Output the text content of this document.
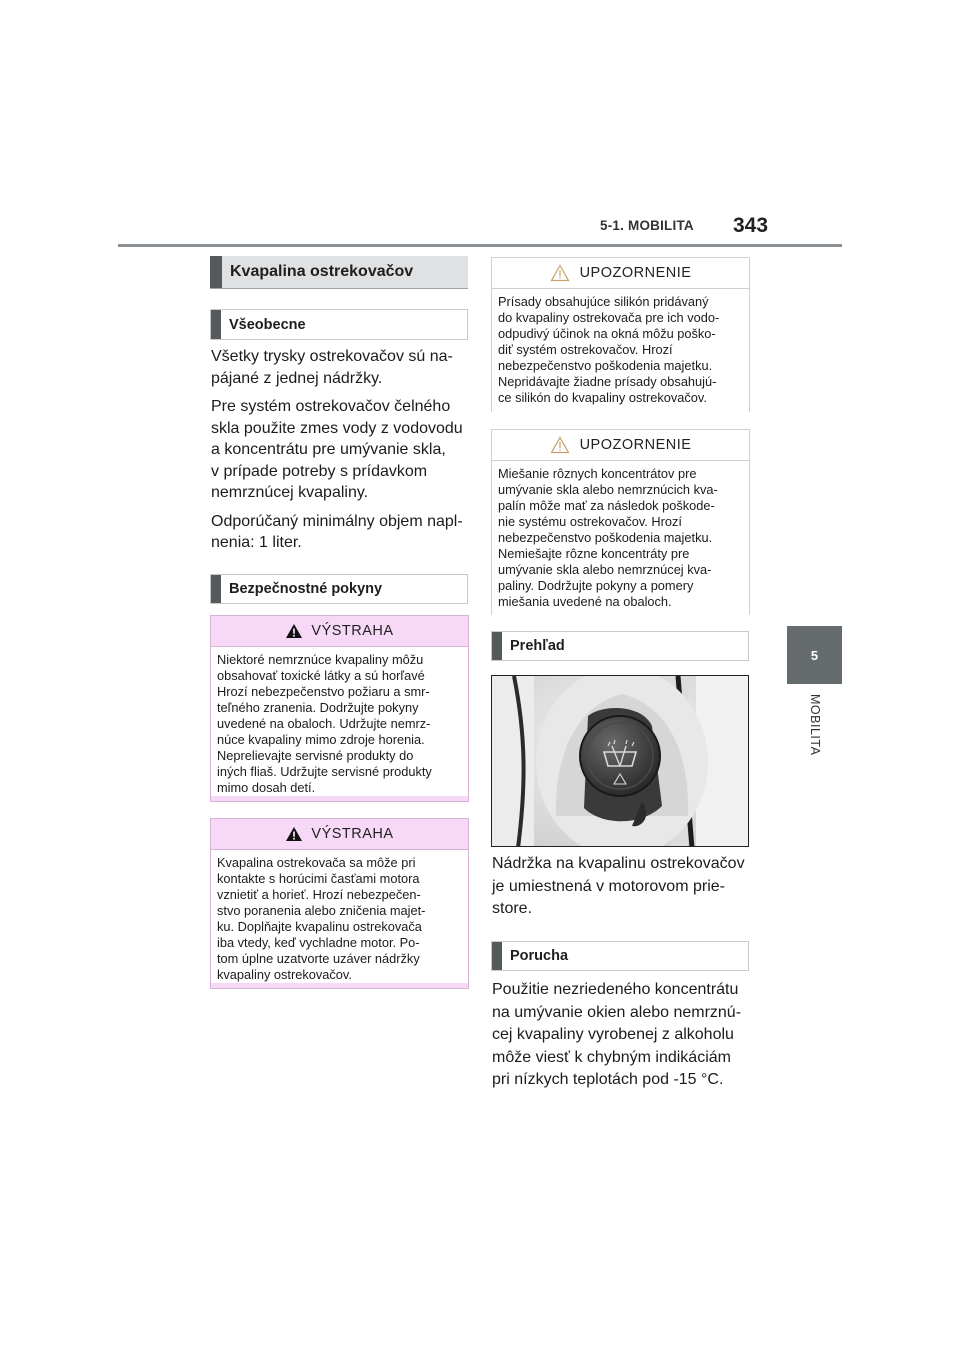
5-1. MOBILITA 343
5
MOBILITA
Kvapalina ostrekovačov
Všeobecne

Všetky trysky ostrekovačov sú na-
pájané z jednej nádržky.

Pre systém ostrekovačov čelného
skla použite zmes vody z vodovodu
a koncentrátu pre umývanie skla,
v prípade potreby s prídavkom
nemrznúcej kvapaliny.

Odporúčaný minimálny objem napl-
nenia: 1 liter.

Bezpečnostné pokyny
VÝSTRAHA
Niektoré nemrznúce kvapaliny môžu
obsahovať toxické látky a sú horľavé
Hrozí nebezpečenstvo požiaru a smr-
teľného zranenia. Dodržujte pokyny
uvedené na obaloch. Udržujte nemrz-
núce kvapaliny mimo zdroje horenia.
Neprelievajte servisné produkty do
iných fliaš. Udržujte servisné produkty
mimo dosah detí.
VÝSTRAHA
Kvapalina ostrekovača sa môže pri
kontakte s horúcimi časťami motora
vznietiť a horieť. Hrozí nebezpečen-
stvo poranenia alebo zničenia majet-
ku. Doplňajte kvapalinu ostrekovača
iba vtedy, keď vychladne motor. Po-
tom úplne uzatvorte uzáver nádržky
kvapaliny ostrekovačov.
UPOZORNENIE
Prísady obsahujúce silikón pridávaný
do kvapaliny ostrekovača pre ich vodo-
odpudivý účinok na okná môžu poško-
diť systém ostrekovačov. Hrozí
nebezpečenstvo poškodenia majetku.
Nepridávajte žiadne prísady obsahujú-
ce silikón do kvapaliny ostrekovačov.
UPOZORNENIE
Miešanie rôznych koncentrátov pre
umývanie skla alebo nemrznúcich kva-
palín môže mať za následok poškode-
nie systému ostrekovačov. Hrozí
nebezpečenstvo poškodenia majetku.
Nemiešajte rôzne koncentráty pre
umývanie skla alebo nemrznúcej kva-
paliny. Dodržujte pokyny a pomery
miešania uvedené na obaloch.
Prehľad

Nádržka na kvapalinu ostrekovačov
je umiestnená v motorovom prie-
store.

Porucha

Použitie nezriedeného koncentrátu
na umývanie okien alebo nemrznú-
cej kvapaliny vyrobenej z alkoholu
môže viesť k chybným indikáciám
pri nízkych teplotách pod -15 °C.
